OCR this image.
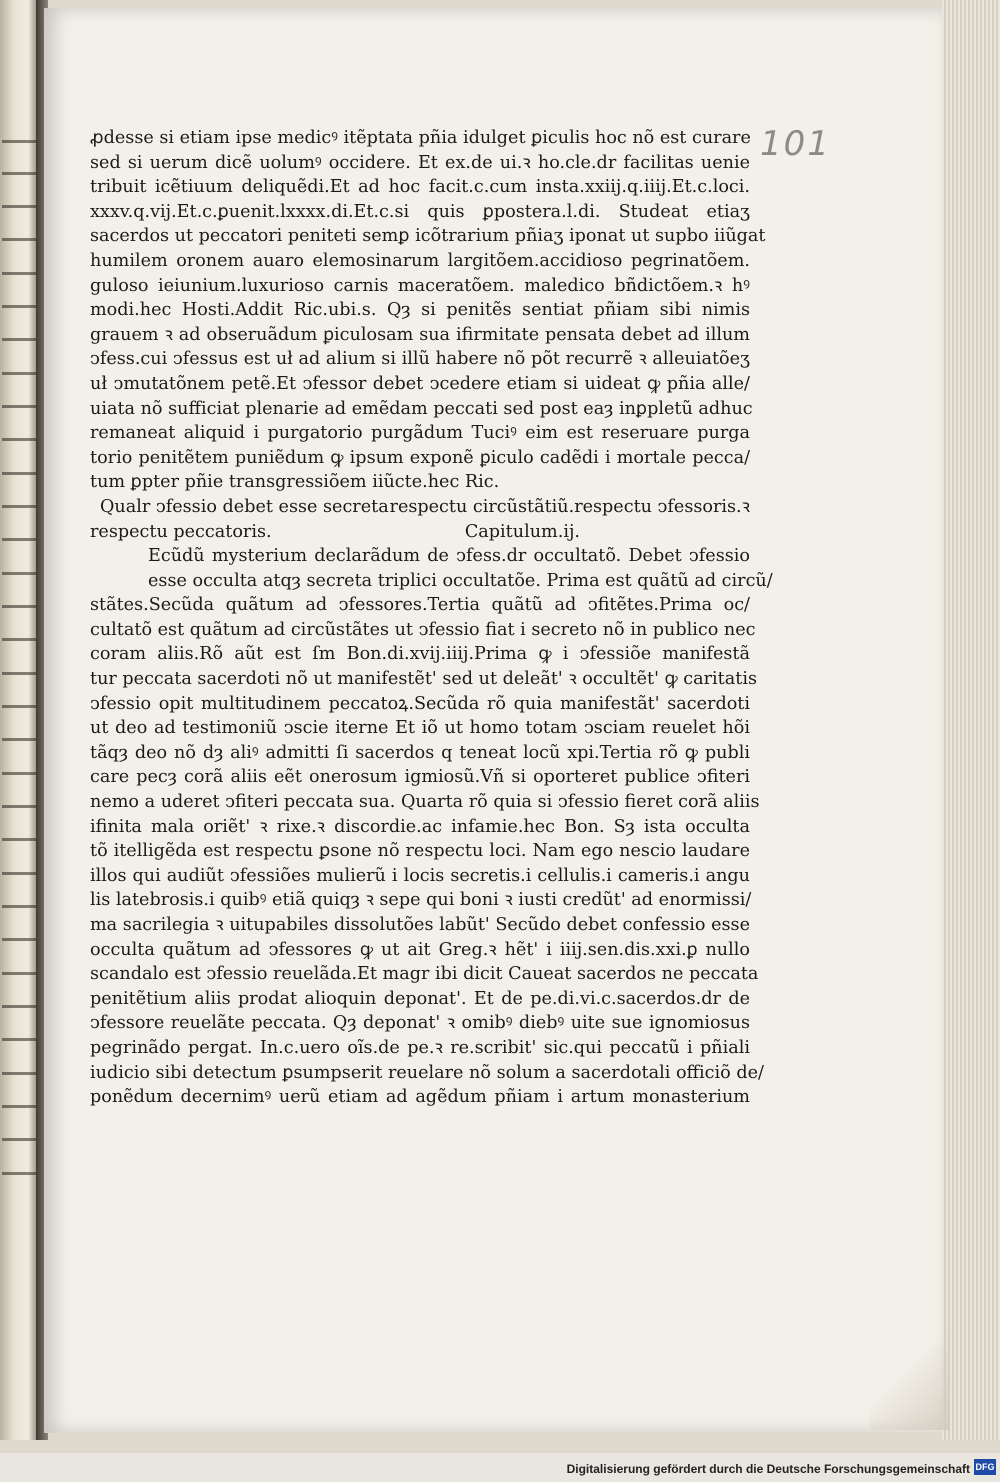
101
ꝓdesse si etiam ipse medicꝰ itẽptata pñia idulget ꝑiculis hoc nõ est curare
sed si uerum dicẽ uolumꝰ occidere. Et ex.de ui.ꝛ ho.cle.dr facilitas uenie
tribuit icẽtiuum deliquẽdi.Et ad hoc facit.c.cum insta.xxiij.q.iiij.Et.c.loci.
xxxv.q.vij.Et.c.ꝑuenit.lxxxx.di.Et.c.si quis ꝑpostera.l.di. Studeat etiaʒ
sacerdos ut peccatori peniteti semꝑ icõtrarium pñiaʒ iponat ut supbo iiũgat
humilem oronem auaro elemosinarum largitõem.accidioso pegrinatõem.
guloso ieiunium.luxurioso carnis maceratõem. maledico bñdictõem.ꝛ hꝰ
modi.hec Hosti.Addit Ric.ubi.s. Qȝ si penitẽs sentiat pñiam sibi nimis
grauem ꝛ ad obseruãdum ꝑiculosam sua ifirmitate pensata debet ad illum
ↄfess.cui ↄfessus est uł ad alium si illũ habere nõ põt recurrẽ ꝛ alleuiatõeʒ
uł ↄmutatõnem petẽ.Et ↄfessor debet ↄcedere etiam si uideat ꝙ pñia alle/
uiata nõ sufficiat plenarie ad emẽdam peccati sed post eaȝ inꝑpletũ adhuc
remaneat aliquid i purgatorio purgãdum Tuciꝰ eim est reseruare purga
torio penitẽtem puniẽdum ꝙ ipsum exponẽ ꝑiculo cadẽdi i mortale pecca/
tum ꝑpter pñie transgressiõem iiũcte.hec Ric.
Qualr ↄfessio debet esse secreta respectu circũstãtiũ.respectu ↄfessoris.ꝛ
respectu peccatoris.	Capitulum.ij.
Ecũdũ mysterium declarãdum de ↄfess.dr occultatõ. Debet ↄfessio
esse occulta atqȝ secreta triplici occultatõe. Prima est quãtũ ad circũ/
stãtes.Secũda quãtum ad ↄfessores.Tertia quãtũ ad ↄfitẽtes.Prima oc/
cultatõ est quãtum ad circũstãtes ut ↄfessio fiat i secreto nõ in publico nec
coram aliis.Rõ aũt est ſm Bon.di.xvij.iiij.Prima ꝙ i ↄfessiõe manifestã
tur peccata sacerdoti nõ ut manifestẽt' sed ut deleãt' ꝛ occultẽt' ꝙ caritatis
ↄfessio opit multitudinem peccatoꝝ.Secũda rõ quia manifestãt' sacerdoti
ut deo ad testimoniũ ↄscie iterne Et iõ ut homo totam ↄsciam reuelet hõi
tãqȝ deo nõ dȝ aliꝰ admitti ſi sacerdos q teneat locũ xpi.Tertia rõ ꝙ publi
care pecȝ corã aliis eẽt onerosum igmiosũ.Vñ si oporteret publice ↄfiteri
nemo a uderet ↄfiteri peccata sua. Quarta rõ quia si ↄfessio fieret corã aliis
ifinita mala oriẽt' ꝛ rixe.ꝛ discordie.ac infamie.hec Bon. Sȝ ista occulta
tõ itelligẽda est respectu ꝑsone nõ respectu loci. Nam ego nescio laudare
illos qui audiũt ↄfessiões mulierũ i locis secretis.i cellulis.i cameris.i angu
lis latebrosis.i quibꝰ etiã quiqȝ ꝛ sepe qui boni ꝛ iusti credũt' ad enormissi/
ma sacrilegia ꝛ uitupabiles dissolutões labũt' Secũdo debet confessio esse
occulta quãtum ad ↄfessores ꝙ ut ait Greg.ꝛ hẽt' i iiij.sen.dis.xxi.ꝑ nullo
scandalo est ↄfessio reuelãda.Et magr ibi dicit Caueat sacerdos ne peccata
penitẽtium aliis prodat alioquin deponat'. Et de pe.di.vi.c.sacerdos.dr de
ↄfessore reuelãte peccata. Qȝ deponat' ꝛ omibꝰ diebꝰ uite sue ignomiosus
pegrinãdo pergat. In.c.uero oĩs.de pe.ꝛ re.scribit' sic.qui peccatũ i pñiali
iudicio sibi detectum ꝑsumpserit reuelare nõ solum a sacerdotali officiõ de/
ponẽdum decernimꝰ uerũ etiam ad agẽdum pñiam i artum monasterium
Digitalisierung gefördert durch die Deutsche Forschungsgemeinschaft DFG
